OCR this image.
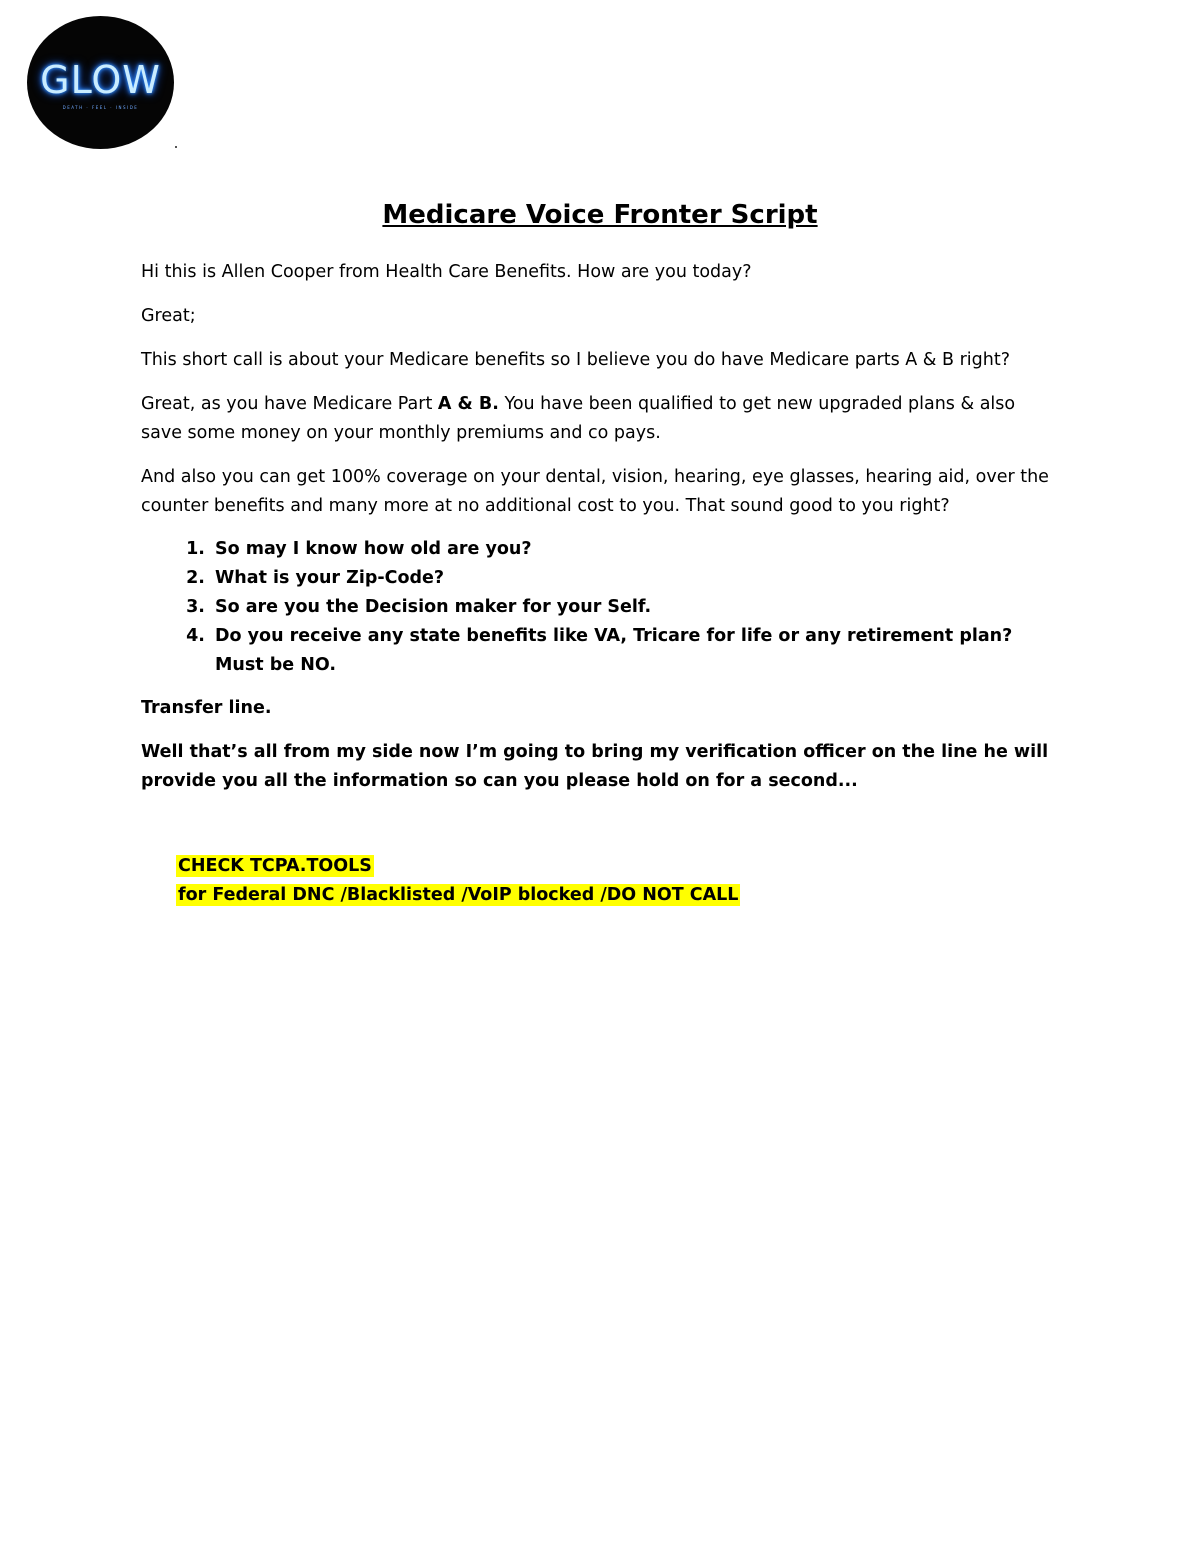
GLOW
DEATH · FEEL · INSIDE
Medicare Voice Fronter Script

Hi this is Allen Cooper from Health Care Benefits. How are you today?

Great;

This short call is about your Medicare benefits so I believe you do have Medicare parts A & B right?

Great, as you have Medicare Part A & B. You have been qualified to get new upgraded plans & also save some money on your monthly premiums and co pays.

And also you can get 100% coverage on your dental, vision, hearing, eye glasses, hearing aid, over the counter benefits and many more at no additional cost to you. That sound good to you right?

1. So may I know how old are you?
2. What is your Zip-Code?
3. So are you the Decision maker for your Self.
4. Do you receive any state benefits like VA, Tricare for life or any retirement plan? Must be NO.

Transfer line.

Well that’s all from my side now I’m going to bring my verification officer on the line he will provide you all the information so can you please hold on for a second...

CHECK TCPA.TOOLS
for Federal DNC /Blacklisted /VoIP blocked /DO NOT CALL
